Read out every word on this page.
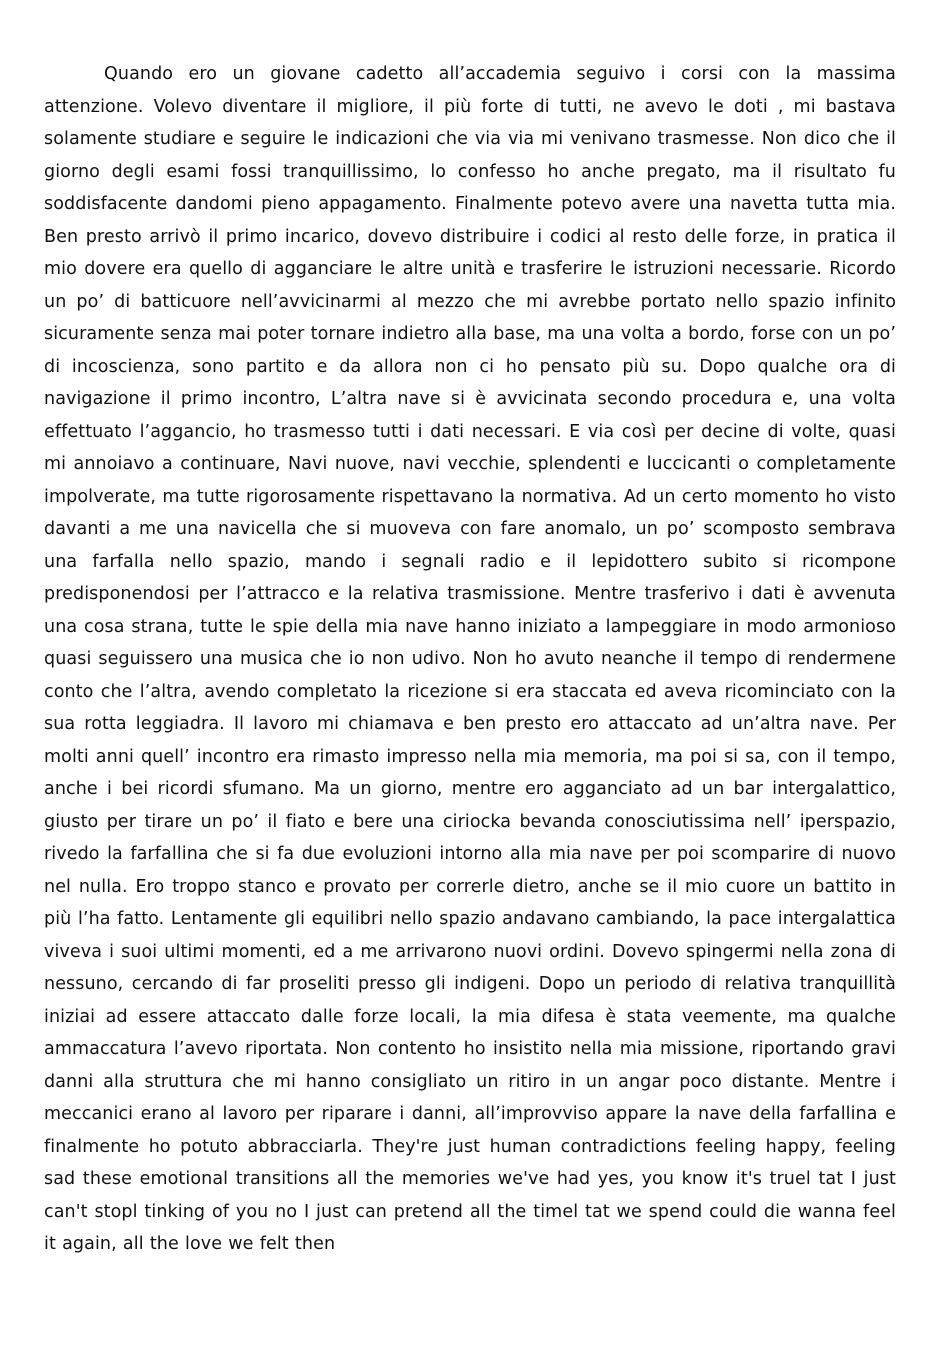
Quando ero un giovane cadetto all’accademia seguivo i corsi con la massima attenzione. Volevo diventare il migliore, il più forte di tutti, ne avevo le doti , mi bastava solamente studiare e seguire le indicazioni che via via mi venivano trasmesse. Non dico che il giorno degli esami fossi tranquillissimo, lo confesso ho anche pregato, ma il risultato fu soddisfacente dandomi pieno appagamento. Finalmente potevo avere una navetta tutta mia. Ben presto arrivò il primo incarico, dovevo distribuire i codici al resto delle forze, in pratica il mio dovere era quello di agganciare le altre unità e trasferire le istruzioni necessarie. Ricordo un po’ di batticuore nell’avvicinarmi al mezzo che mi avrebbe portato nello spazio infinito sicuramente senza mai poter tornare indietro alla base, ma una volta a bordo, forse con un po’ di incoscienza, sono partito e da allora non ci ho pensato più su. Dopo qualche ora di navigazione il primo incontro, L’altra nave si è avvicinata secondo procedura e, una volta effettuato l’aggancio, ho trasmesso tutti i dati necessari. E via così per decine di volte, quasi mi annoiavo a continuare, Navi nuove, navi vecchie, splendenti e luccicanti o completamente impolverate, ma tutte rigorosamente rispettavano la normativa. Ad un certo momento ho visto davanti a me una navicella che si muoveva con fare anomalo, un po’ scomposto sembrava una farfalla nello spazio, mando i segnali radio e il lepidottero subito si ricompone predisponendosi per l’attracco e la relativa trasmissione. Mentre trasferivo i dati è avvenuta una cosa strana, tutte le spie della mia nave hanno iniziato a lampeggiare in modo armonioso quasi seguissero una musica che io non udivo. Non ho avuto neanche il tempo di rendermene conto che l’altra, avendo completato la ricezione si era staccata ed aveva ricominciato con la sua rotta leggiadra. Il lavoro mi chiamava e ben presto ero attaccato ad un’altra nave. Per molti anni quell’ incontro era rimasto impresso nella mia memoria, ma poi si sa, con il tempo, anche i bei ricordi sfumano. Ma un giorno, mentre ero agganciato ad un bar intergalattico, giusto per tirare un po’ il fiato e bere una ciriocka bevanda conosciutissima nell’ iperspazio, rivedo la farfallina che si fa due evoluzioni intorno alla mia nave per poi scomparire di nuovo nel nulla. Ero troppo stanco e provato per correrle dietro, anche se il mio cuore un battito in più l’ha fatto. Lentamente gli equilibri nello spazio andavano cambiando, la pace intergalattica viveva i suoi ultimi momenti, ed a me arrivarono nuovi ordini. Dovevo spingermi nella zona di nessuno, cercando di far proseliti presso gli indigeni. Dopo un periodo di relativa tranquillità iniziai ad essere attaccato dalle forze locali, la mia difesa è stata veemente, ma qualche ammaccatura l’avevo riportata. Non contento ho insistito nella mia missione, riportando gravi danni alla struttura che mi hanno consigliato un ritiro in un angar poco distante. Mentre i meccanici erano al lavoro per riparare i danni, all’improvviso appare la nave della farfallina e finalmente ho potuto abbracciarla. They're just human contradictions feeling happy, feeling sad these emotional transitions all the memories we've had yes, you know it's truel tat I just can't stopl tinking of you no I just can pretend all the timel tat we spend could die wanna feel it again, all the love we felt then
